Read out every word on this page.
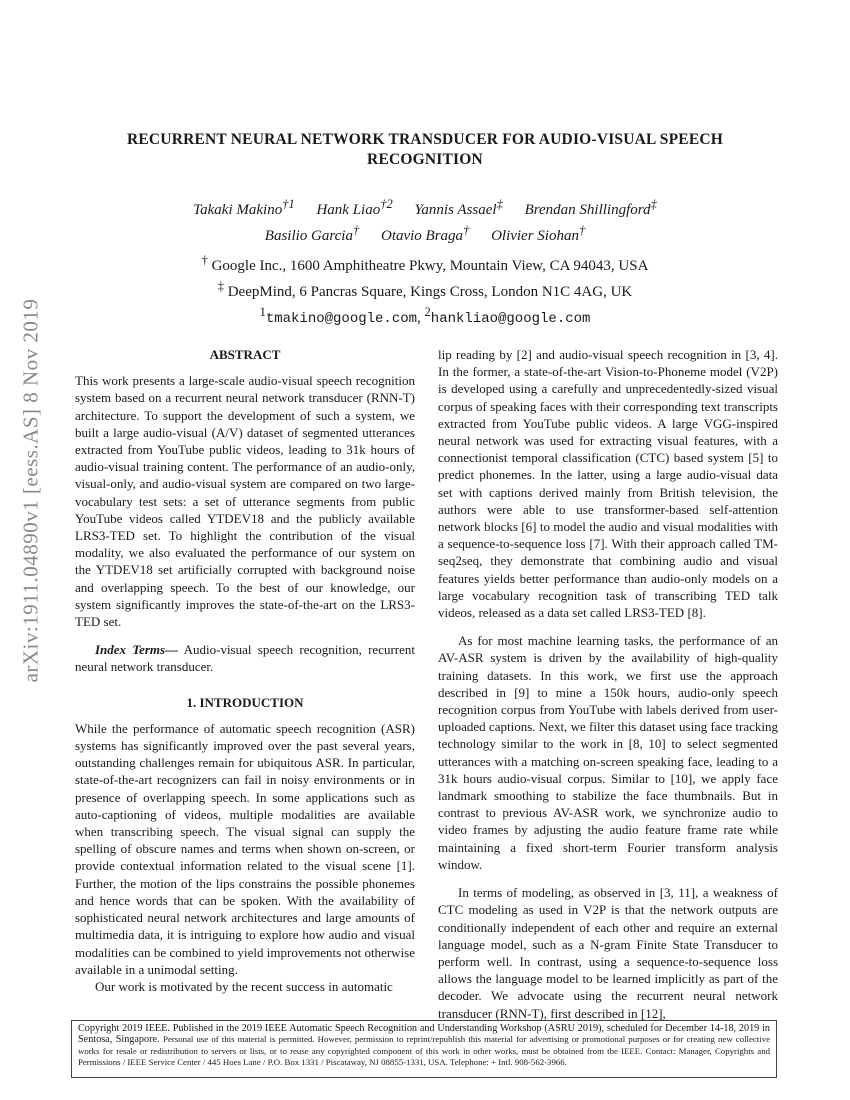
arXiv:1911.04890v1 [eess.AS] 8 Nov 2019
RECURRENT NEURAL NETWORK TRANSDUCER FOR AUDIO-VISUAL SPEECH
RECOGNITION
Takaki Makino$^{\dagger 1}$ Hank Liao$^{\dagger 2}$ Yannis Assael‡ Brendan Shillingford‡
Basilio Garcia† Otavio Braga† Olivier Siohan†
† Google Inc., 1600 Amphitheatre Pkwy, Mountain View, CA 94043, USA
‡ DeepMind, 6 Pancras Square, Kings Cross, London N1C 4AG, UK
$^1$tmakino@google.com, $^2$hankliao@google.com
ABSTRACT

This work presents a large-scale audio-visual speech recognition system based on a recurrent neural network transducer (RNN-T) architecture. To support the development of such a system, we built a large audio-visual (A/V) dataset of segmented utterances extracted from YouTube public videos, leading to 31k hours of audio-visual training content. The performance of an audio-only, visual-only, and audio-visual system are compared on two large-vocabulary test sets: a set of utterance segments from public YouTube videos called YTDEV18 and the publicly available LRS3-TED set. To highlight the contribution of the visual modality, we also evaluated the performance of our system on the YTDEV18 set artificially corrupted with background noise and overlapping speech. To the best of our knowledge, our system significantly improves the state-of-the-art on the LRS3-TED set.

Index Terms— Audio-visual speech recognition, recurrent neural network transducer.

1. INTRODUCTION

While the performance of automatic speech recognition (ASR) systems has significantly improved over the past several years, outstanding challenges remain for ubiquitous ASR. In particular, state-of-the-art recognizers can fail in noisy environments or in presence of overlapping speech. In some applications such as auto-captioning of videos, multiple modalities are available when transcribing speech. The visual signal can supply the spelling of obscure names and terms when shown on-screen, or provide contextual information related to the visual scene [1]. Further, the motion of the lips constrains the possible phonemes and hence words that can be spoken. With the availability of sophisticated neural network architectures and large amounts of multimedia data, it is intriguing to explore how audio and visual modalities can be combined to yield improvements not otherwise available in a unimodal setting.

Our work is motivated by the recent success in automatic

lip reading by [2] and audio-visual speech recognition in [3, 4]. In the former, a state-of-the-art Vision-to-Phoneme model (V2P) is developed using a carefully and unprecedentedly-sized visual corpus of speaking faces with their corresponding text transcripts extracted from YouTube public videos. A large VGG-inspired neural network was used for extracting visual features, with a connectionist temporal classification (CTC) based system [5] to predict phonemes. In the latter, using a large audio-visual data set with captions derived mainly from British television, the authors were able to use transformer-based self-attention network blocks [6] to model the audio and visual modalities with a sequence-to-sequence loss [7]. With their approach called TM-seq2seq, they demonstrate that combining audio and visual features yields better performance than audio-only models on a large vocabulary recognition task of transcribing TED talk videos, released as a data set called LRS3-TED [8].

As for most machine learning tasks, the performance of an AV-ASR system is driven by the availability of high-quality training datasets. In this work, we first use the approach described in [9] to mine a 150k hours, audio-only speech recognition corpus from YouTube with labels derived from user-uploaded captions. Next, we filter this dataset using face tracking technology similar to the work in [8, 10] to select segmented utterances with a matching on-screen speaking face, leading to a 31k hours audio-visual corpus. Similar to [10], we apply face landmark smoothing to stabilize the face thumbnails. But in contrast to previous AV-ASR work, we synchronize audio to video frames by adjusting the audio feature frame rate while maintaining a fixed short-term Fourier transform analysis window.

In terms of modeling, as observed in [3, 11], a weakness of CTC modeling as used in V2P is that the network outputs are conditionally independent of each other and require an external language model, such as a N-gram Finite State Transducer to perform well. In contrast, using a sequence-to-sequence loss allows the language model to be learned implicitly as part of the decoder. We advocate using the recurrent neural network transducer (RNN-T), first described in [12],

Copyright 2019 IEEE. Published in the 2019 IEEE Automatic Speech Recognition and Understanding Workshop (ASRU 2019), scheduled for December 14-18, 2019 in Sentosa, Singapore. Personal use of this material is permitted. However, permission to reprint/republish this material for advertising or promotional purposes or for creating new collective works for resale or redistribution to servers or lists, or to reuse any copyrighted component of this work in other works, must be obtained from the IEEE. Contact: Manager, Copyrights and Permissions / IEEE Service Center / 445 Hoes Lane / P.O. Box 1331 / Piscataway, NJ 08855-1331, USA. Telephone: + Intl. 908-562-3966.
